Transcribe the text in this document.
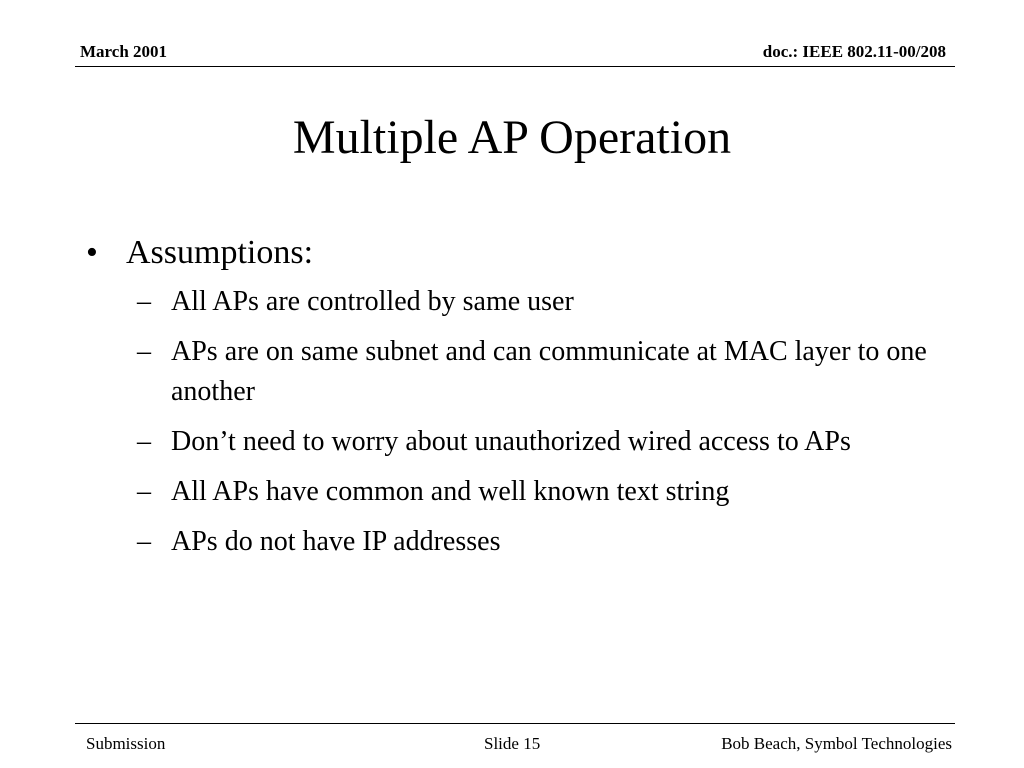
March 2001	doc.: IEEE 802.11-00/208
Multiple AP Operation
• Assumptions:
– All APs are controlled by same user
– APs are on same subnet and can communicate at MAC layer to one another
– Don’t need to worry about unauthorized wired access to APs
– All APs have common and well known text string
– APs do not have IP addresses
Submission	Slide 15	Bob Beach, Symbol Technologies
